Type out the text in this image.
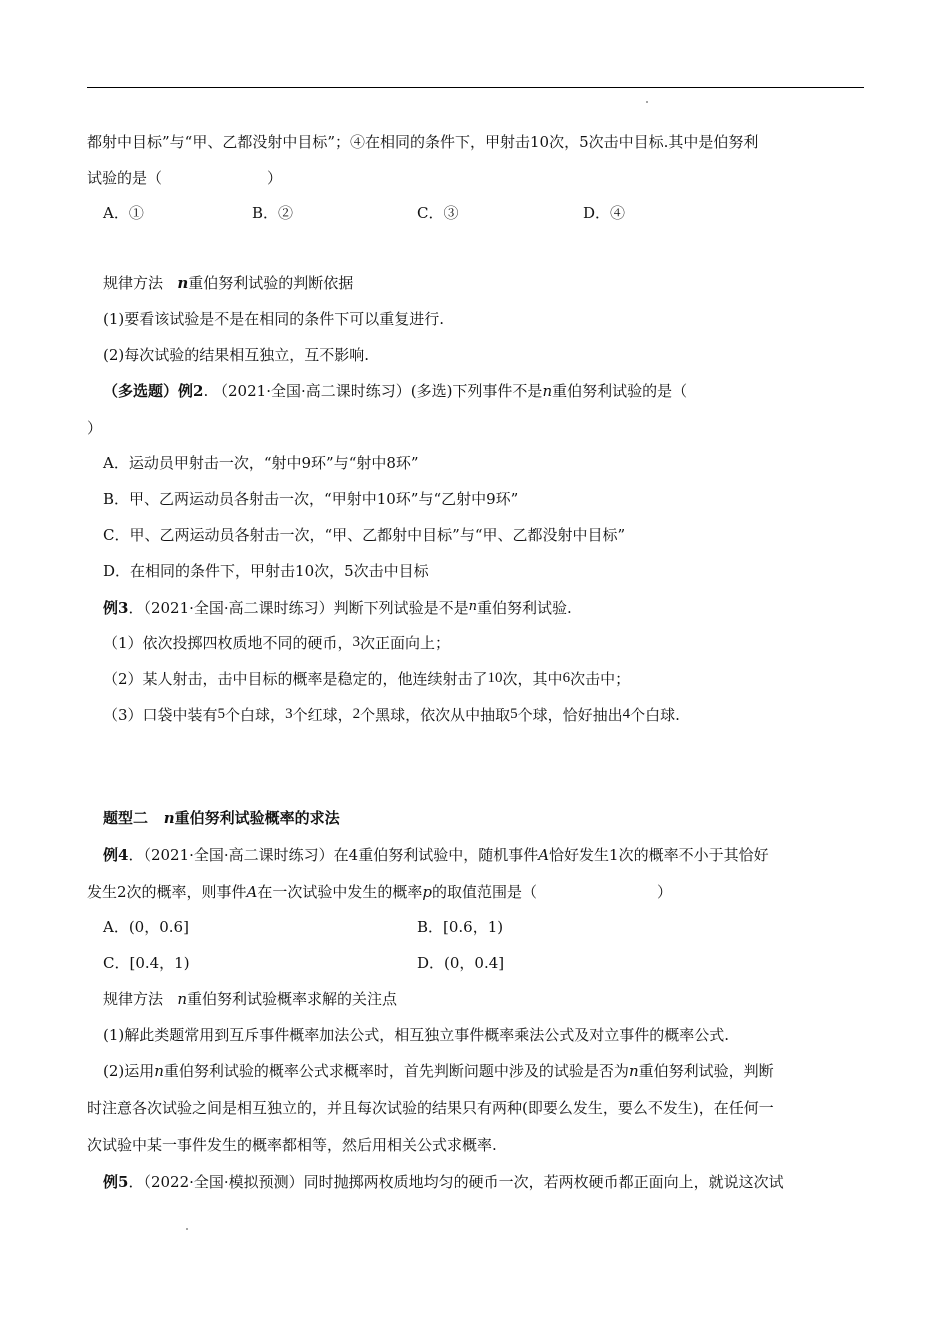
都射中目标”与“甲、乙都没射中目标”；④在相同的条件下，甲射击10次，5次击中目标.其中是伯努利
试验的是（　　　　　　　）
A．①	B．②	C．③	D．④
规律方法 n重伯努利试验的判断依据
(1)要看该试验是不是在相同的条件下可以重复进行.
(2)每次试验的结果相互独立，互不影响.
（多选题）例2. （2021·全国·高二课时练习）(多选)下列事件不是n重伯努利试验的是（
）
A．运动员甲射击一次，“射中9环”与“射中8环”
B．甲、乙两运动员各射击一次，“甲射中10环”与“乙射中9环”
C．甲、乙两运动员各射击一次，“甲、乙都射中目标”与“甲、乙都没射中目标”
D．在相同的条件下，甲射击10次，5次击中目标
例3．（2021·全国·高二课时练习）判断下列试验是不是n重伯努利试验.
（1）依次投掷四枚质地不同的硬币，3次正面向上；
（2）某人射击，击中目标的概率是稳定的，他连续射击了10次，其中6次击中；
（3）口袋中装有5个白球，3个红球，2个黑球，依次从中抽取5个球，恰好抽出4个白球.
题型二 n重伯努利试验概率的求法
例4．（2021·全国·高二课时练习）在4重伯努利试验中，随机事件A恰好发生1次的概率不小于其恰好
发生2次的概率，则事件A在一次试验中发生的概率p的取值范围是（　　　　　　　　）
A．(0，0.6]	B．[0.6，1)
C．[0.4，1)	D．(0，0.4]
规律方法 n重伯努利试验概率求解的关注点
(1)解此类题常用到互斥事件概率加法公式，相互独立事件概率乘法公式及对立事件的概率公式.
(2)运用n重伯努利试验的概率公式求概率时，首先判断问题中涉及的试验是否为n重伯努利试验，判断
时注意各次试验之间是相互独立的，并且每次试验的结果只有两种(即要么发生，要么不发生)，在任何一
次试验中某一事件发生的概率都相等，然后用相关公式求概率.
例5．（2022·全国·模拟预测）同时抛掷两枚质地均匀的硬币一次，若两枚硬币都正面向上，就说这次试
